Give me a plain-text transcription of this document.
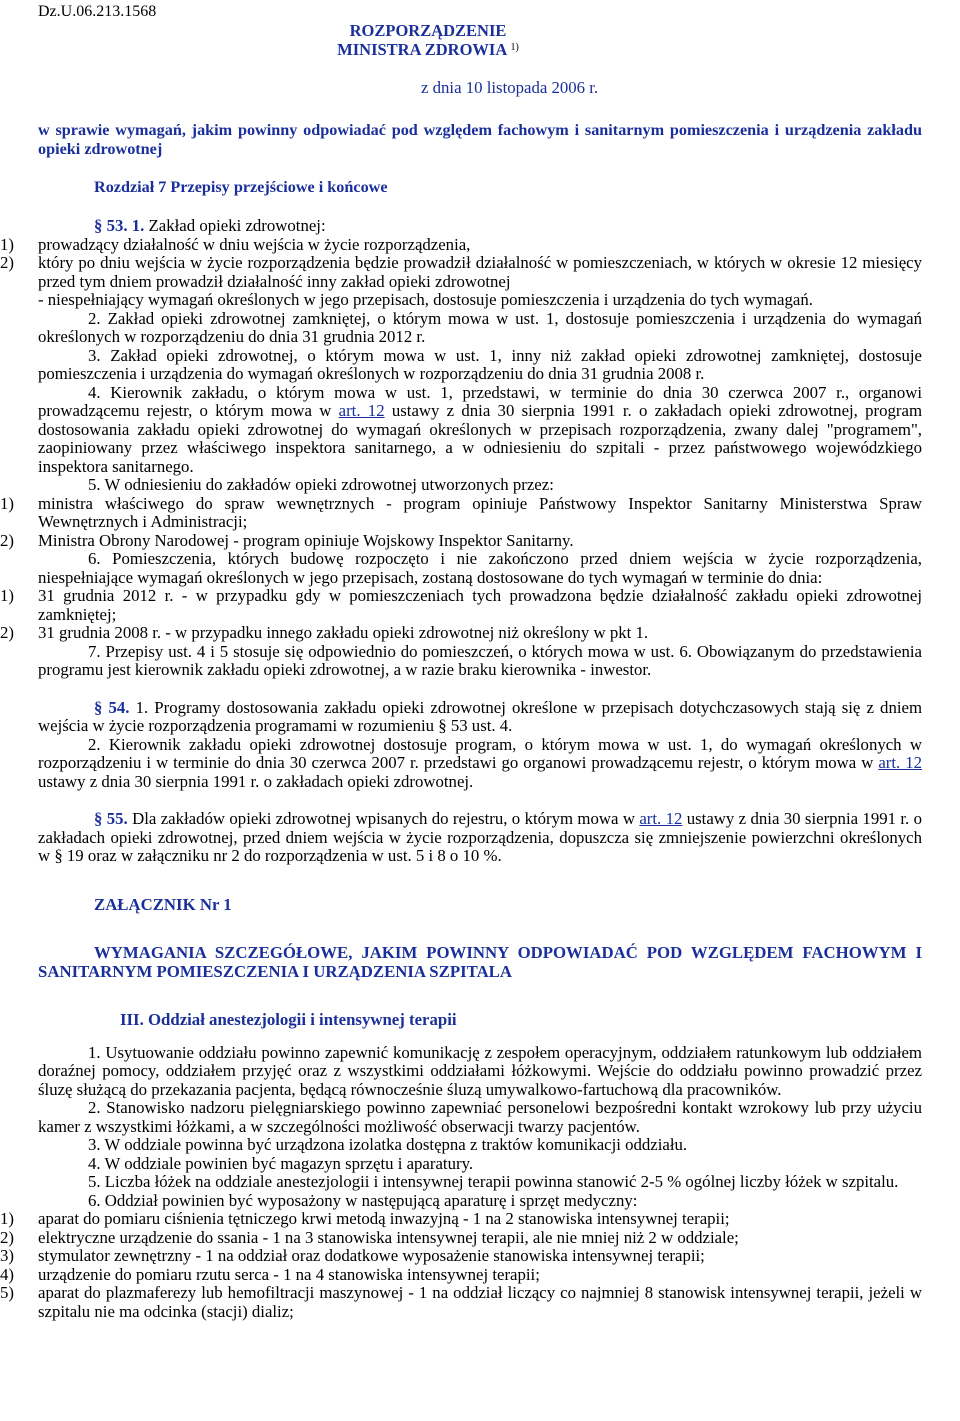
Dz.U.06.213.1568
ROZPORZĄDZENIE
MINISTRA ZDROWIA $^{1)}$
z dnia 10 listopada 2006 r.
w sprawie wymagań, jakim powinny odpowiadać pod względem fachowym i sanitarnym pomieszczenia i urządzenia zakładu opieki zdrowotnej
Rozdział 7 Przepisy przejściowe i końcowe
§ 53. 1. Zakład opieki zdrowotnej:
1) prowadzący działalność w dniu wejścia w życie rozporządzenia,
2) który po dniu wejścia w życie rozporządzenia będzie prowadził działalność w pomieszczeniach, w których w okresie 12 miesięcy przed tym dniem prowadził działalność inny zakład opieki zdrowotnej
- niespełniający wymagań określonych w jego przepisach, dostosuje pomieszczenia i urządzenia do tych wymagań.
2. Zakład opieki zdrowotnej zamkniętej, o którym mowa w ust. 1, dostosuje pomieszczenia i urządzenia do wymagań określonych w rozporządzeniu do dnia 31 grudnia 2012 r.
3. Zakład opieki zdrowotnej, o którym mowa w ust. 1, inny niż zakład opieki zdrowotnej zamkniętej, dostosuje pomieszczenia i urządzenia do wymagań określonych w rozporządzeniu do dnia 31 grudnia 2008 r.
4. Kierownik zakładu, o którym mowa w ust. 1, przedstawi, w terminie do dnia 30 czerwca 2007 r., organowi prowadzącemu rejestr, o którym mowa w art. 12 ustawy z dnia 30 sierpnia 1991 r. o zakładach opieki zdrowotnej, program dostosowania zakładu opieki zdrowotnej do wymagań określonych w przepisach rozporządzenia, zwany dalej "programem", zaopiniowany przez właściwego inspektora sanitarnego, a w odniesieniu do szpitali - przez państwowego wojewódzkiego inspektora sanitarnego.
5. W odniesieniu do zakładów opieki zdrowotnej utworzonych przez:
1) ministra właściwego do spraw wewnętrznych - program opiniuje Państwowy Inspektor Sanitarny Ministerstwa Spraw Wewnętrznych i Administracji;
2) Ministra Obrony Narodowej - program opiniuje Wojskowy Inspektor Sanitarny.
6. Pomieszczenia, których budowę rozpoczęto i nie zakończono przed dniem wejścia w życie rozporządzenia, niespełniające wymagań określonych w jego przepisach, zostaną dostosowane do tych wymagań w terminie do dnia:
1) 31 grudnia 2012 r. - w przypadku gdy w pomieszczeniach tych prowadzona będzie działalność zakładu opieki zdrowotnej zamkniętej;
2) 31 grudnia 2008 r. - w przypadku innego zakładu opieki zdrowotnej niż określony w pkt 1.
7. Przepisy ust. 4 i 5 stosuje się odpowiednio do pomieszczeń, o których mowa w ust. 6. Obowiązanym do przedstawienia programu jest kierownik zakładu opieki zdrowotnej, a w razie braku kierownika - inwestor.
§ 54. 1. Programy dostosowania zakładu opieki zdrowotnej określone w przepisach dotychczasowych stają się z dniem wejścia w życie rozporządzenia programami w rozumieniu § 53 ust. 4.
2. Kierownik zakładu opieki zdrowotnej dostosuje program, o którym mowa w ust. 1, do wymagań określonych w rozporządzeniu i w terminie do dnia 30 czerwca 2007 r. przedstawi go organowi prowadzącemu rejestr, o którym mowa w art. 12 ustawy z dnia 30 sierpnia 1991 r. o zakładach opieki zdrowotnej.
§ 55. Dla zakładów opieki zdrowotnej wpisanych do rejestru, o którym mowa w art. 12 ustawy z dnia 30 sierpnia 1991 r. o zakładach opieki zdrowotnej, przed dniem wejścia w życie rozporządzenia, dopuszcza się zmniejszenie powierzchni określonych w § 19 oraz w załączniku nr 2 do rozporządzenia w ust. 5 i 8 o 10 %.
ZAŁĄCZNIK Nr 1
WYMAGANIA SZCZEGÓŁOWE, JAKIM POWINNY ODPOWIADAĆ POD WZGLĘDEM FACHOWYM I SANITARNYM POMIESZCZENIA I URZĄDZENIA SZPITALA
III. Oddział anestezjologii i intensywnej terapii
1. Usytuowanie oddziału powinno zapewnić komunikację z zespołem operacyjnym, oddziałem ratunkowym lub oddziałem doraźnej pomocy, oddziałem przyjęć oraz z wszystkimi oddziałami łóżkowymi. Wejście do oddziału powinno prowadzić przez śluzę służącą do przekazania pacjenta, będącą równocześnie śluzą umywalkowo-fartuchową dla pracowników.
2. Stanowisko nadzoru pielęgniarskiego powinno zapewniać personelowi bezpośredni kontakt wzrokowy lub przy użyciu kamer z wszystkimi łóżkami, a w szczególności możliwość obserwacji twarzy pacjentów.
3. W oddziale powinna być urządzona izolatka dostępna z traktów komunikacji oddziału.
4. W oddziale powinien być magazyn sprzętu i aparatury.
5. Liczba łóżek na oddziale anestezjologii i intensywnej terapii powinna stanowić 2-5 % ogólnej liczby łóżek w szpitalu.
6. Oddział powinien być wyposażony w następującą aparaturę i sprzęt medyczny:
1) aparat do pomiaru ciśnienia tętniczego krwi metodą inwazyjną - 1 na 2 stanowiska intensywnej terapii;
2) elektryczne urządzenie do ssania - 1 na 3 stanowiska intensywnej terapii, ale nie mniej niż 2 w oddziale;
3) stymulator zewnętrzny - 1 na oddział oraz dodatkowe wyposażenie stanowiska intensywnej terapii;
4) urządzenie do pomiaru rzutu serca - 1 na 4 stanowiska intensywnej terapii;
5) aparat do plazmaferezy lub hemofiltracji maszynowej - 1 na oddział liczący co najmniej 8 stanowisk intensywnej terapii, jeżeli w szpitalu nie ma odcinka (stacji) dializ;
